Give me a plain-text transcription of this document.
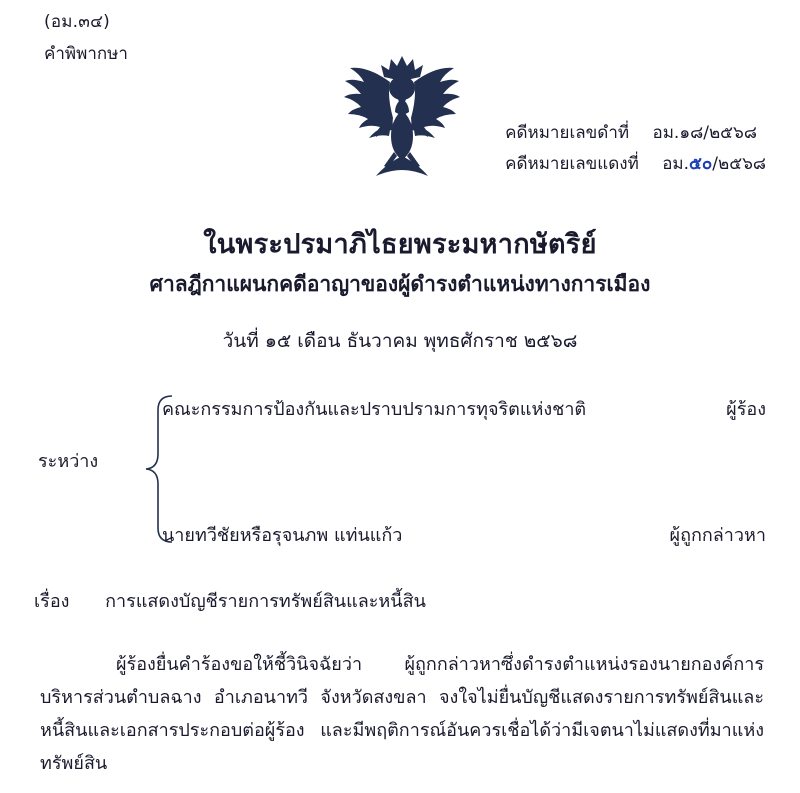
(อม.๓๔)
คำพิพากษา
คดีหมายเลขดำที่ อม.๑๘/๒๕๖๘
คดีหมายเลขแดงที่ อม.๕๐/๒๕๖๘
ในพระปรมาภิไธยพระมหากษัตริย์
ศาลฎีกาแผนกคดีอาญาของผู้ดำรงตำแหน่งทางการเมือง
วันที่ ๑๕ เดือน ธันวาคม พุทธศักราช ๒๕๖๘
ระหว่าง
คณะกรรมการป้องกันและปราบปรามการทุจริตแห่งชาติ	ผู้ร้อง
นายทวีชัยหรือรุจนภพ แท่นแก้ว	ผู้ถูกกล่าวหา
เรื่อง การแสดงบัญชีรายการทรัพย์สินและหนี้สิน

ผู้ร้องยื่นคำร้องขอให้ชี้วินิจฉัยว่า ผู้ถูกกล่าวหาซึ่งดำรงตำแหน่งรองนายกองค์การบริหารส่วนตำบลฉาง อำเภอนาทวี จังหวัดสงขลา จงใจไม่ยื่นบัญชีแสดงรายการทรัพย์สินและหนี้สินและเอกสารประกอบต่อผู้ร้อง และมีพฤติการณ์อันควรเชื่อได้ว่ามีเจตนาไม่แสดงที่มาแห่งทรัพย์สิน
